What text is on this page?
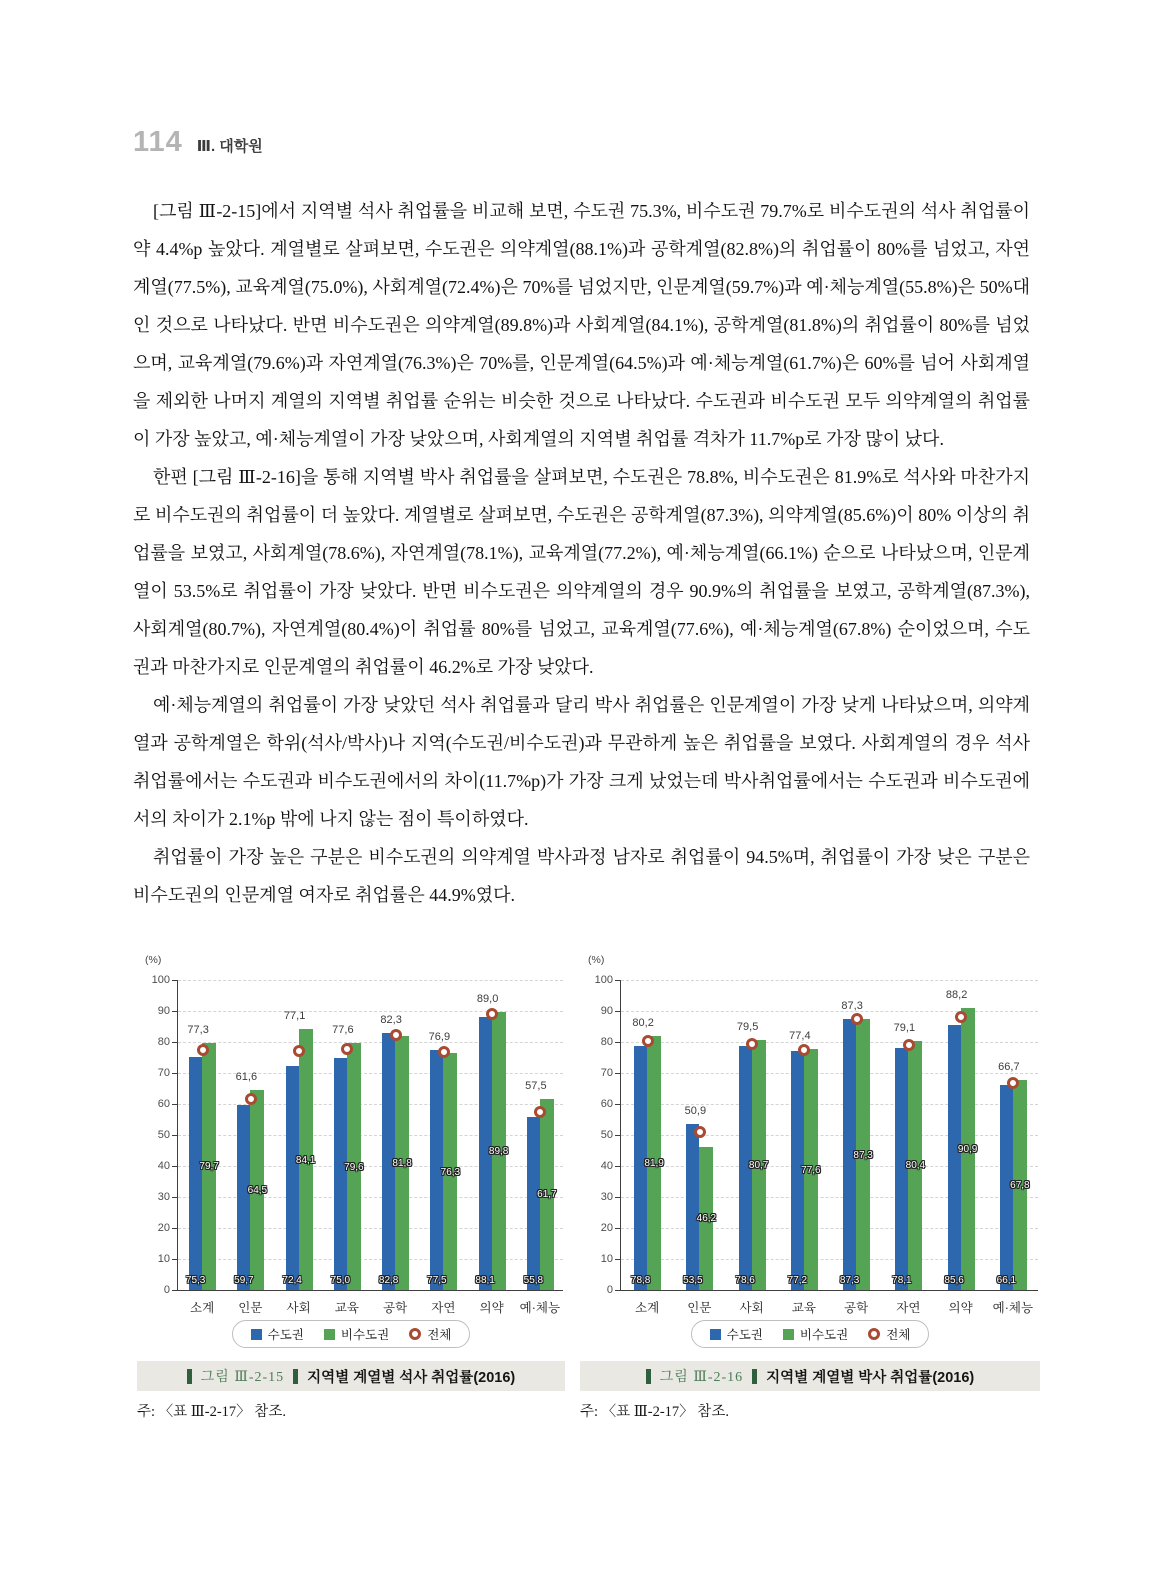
114 Ⅲ. 대학원

[그림 Ⅲ-2-15]에서 지역별 석사 취업률을 비교해 보면, 수도권 75.3%, 비수도권 79.7%로 비수도권의 석사 취업률이 약 4.4%p 높았다. 계열별로 살펴보면, 수도권은 의약계열(88.1%)과 공학계열(82.8%)의 취업률이 80%를 넘었고, 자연계열(77.5%), 교육계열(75.0%), 사회계열(72.4%)은 70%를 넘었지만, 인문계열(59.7%)과 예·체능계열(55.8%)은 50%대인 것으로 나타났다. 반면 비수도권은 의약계열(89.8%)과 사회계열(84.1%), 공학계열(81.8%)의 취업률이 80%를 넘었으며, 교육계열(79.6%)과 자연계열(76.3%)은 70%를, 인문계열(64.5%)과 예·체능계열(61.7%)은 60%를 넘어 사회계열을 제외한 나머지 계열의 지역별 취업률 순위는 비슷한 것으로 나타났다. 수도권과 비수도권 모두 의약계열의 취업률이 가장 높았고, 예·체능계열이 가장 낮았으며, 사회계열의 지역별 취업률 격차가 11.7%p로 가장 많이 났다.

한편 [그림 Ⅲ-2-16]을 통해 지역별 박사 취업률을 살펴보면, 수도권은 78.8%, 비수도권은 81.9%로 석사와 마찬가지로 비수도권의 취업률이 더 높았다. 계열별로 살펴보면, 수도권은 공학계열(87.3%), 의약계열(85.6%)이 80% 이상의 취업률을 보였고, 사회계열(78.6%), 자연계열(78.1%), 교육계열(77.2%), 예·체능계열(66.1%) 순으로 나타났으며, 인문계열이 53.5%로 취업률이 가장 낮았다. 반면 비수도권은 의약계열의 경우 90.9%의 취업률을 보였고, 공학계열(87.3%), 사회계열(80.7%), 자연계열(80.4%)이 취업률 80%를 넘었고, 교육계열(77.6%), 예·체능계열(67.8%) 순이었으며, 수도권과 마찬가지로 인문계열의 취업률이 46.2%로 가장 낮았다.

예·체능계열의 취업률이 가장 낮았던 석사 취업률과 달리 박사 취업률은 인문계열이 가장 낮게 나타났으며, 의약계열과 공학계열은 학위(석사/박사)나 지역(수도권/비수도권)과 무관하게 높은 취업률을 보였다. 사회계열의 경우 석사취업률에서는 수도권과 비수도권에서의 차이(11.7%p)가 가장 크게 났었는데 박사취업률에서는 수도권과 비수도권에서의 차이가 2.1%p 밖에 나지 않는 점이 특이하였다.

취업률이 가장 높은 구분은 비수도권의 의약계열 박사과정 남자로 취업률이 94.5%며, 취업률이 가장 낮은 구분은 비수도권의 인문계열 여자로 취업률은 44.9%였다.

(%)
0
10
20
30
40
50
60
70
80
90
100
77,3
75,3
79,7
소계
61,6
59,7
64,5
인문
77,1
72,4
84,1
사회
77,6
75,0
79,6
교육
82,3
82,8
81,8
공학
76,9
77,5
76,3
자연
89,0
88,1
89,8
의약
57,5
55,8
61,7
예·체능
수도권	비수도권	전체
그림 Ⅲ-2-15 지역별 계열별 석사 취업률(2016)
주: 〈표 Ⅲ-2-17〉 참조.
(%)
0
10
20
30
40
50
60
70
80
90
100
80,2
78,8
81,9
소계
50,9
53,5
46,2
인문
79,5
78,6
80,7
사회
77,4
77,2
77,6
교육
87,3
87,3
87,3
공학
79,1
78,1
80,4
자연
88,2
85,6
90,9
의약
66,7
66,1
67,8
예·체능
수도권	비수도권	전체
그림 Ⅲ-2-16 지역별 계열별 박사 취업률(2016)
주: 〈표 Ⅲ-2-17〉 참조.
